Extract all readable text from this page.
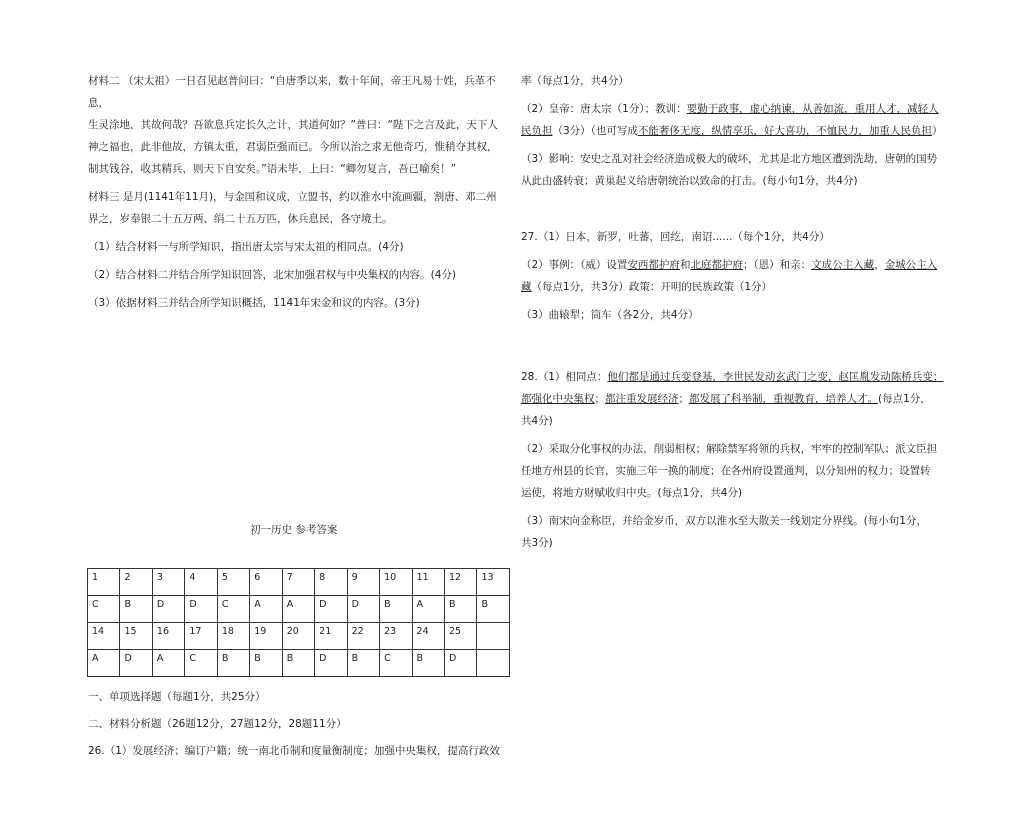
材料二 （宋太祖）一日召见赵普问曰：“自唐季以来，数十年间，帝王凡易十姓，兵革不息，

生灵涂地，其故何哉？吾欲息兵定长久之计，其道何如？”普曰：“陛下之言及此，天下人

神之福也，此非他故，方镇太重，君弱臣强而已。今所以治之求无他奇巧，惟稍夺其权，

制其钱谷，收其精兵，则天下自安矣。”语未毕，上曰：“卿勿复言，吾已喻矣！”

材料三 是月(1141年11月)，与金国和议成，立盟书，约以淮水中流画疆，割唐、邓二州

界之，岁奉银二十五万两、绢二十五万匹，休兵息民，各守境土。

（1）结合材料一与所学知识，指出唐太宗与宋太祖的相同点。(4分)

（2）结合材料二并结合所学知识回答，北宋加强君权与中央集权的内容。(4分)

（3）依据材料三并结合所学知识概括，1141年宋金和议的内容。(3分)

初一历史 参考答案
1	2	3	4	5	6	7	8	9	10	11	12	13
C	B	D	D	C	A	A	D	D	B	A	B	B
14	15	16	17	18	19	20	21	22	23	24	25	
A	D	A	C	B	B	B	D	B	C	B	D	

一、单项选择题（每题1分，共25分）

二、材料分析题（26题12分，27题12分，28题11分）

26.（1）发展经济；编订户籍；统一南北币制和度量衡制度；加强中央集权，提高行政效

率（每点1分，共4分）

（2）皇帝：唐太宗（1分）；教训：要勤于政事，虚心纳谏，从善如流，重用人才，减轻人
民负担（3分）（也可写成不能奢侈无度，纵情享乐，好大喜功，不恤民力，加重人民负担）

（3）影响：安史之乱对社会经济造成极大的破坏，尤其是北方地区遭到洗劫，唐朝的国势

从此由盛转衰；黄巢起义给唐朝统治以致命的打击。(每小句1分，共4分)

27.（1）日本，新罗，吐蕃，回纥，南诏......（每个1分，共4分）

（2）事例：（威）设置安西都护府和北庭都护府；（恩）和亲：文成公主入藏，金城公主入
藏（每点1分，共3分）政策：开明的民族政策（1分）

（3）曲辕犁；筒车（各2分，共4分）

28.（1）相同点：他们都是通过兵变登基，李世民发动玄武门之变，赵匡胤发动陈桥兵变；
都强化中央集权；都注重发展经济；都发展了科举制，重视教育，培养人才。(每点1分，
共4分)

（2）采取分化事权的办法，削弱相权；解除禁军将领的兵权，牢牢的控制军队；派文臣担

任地方州县的长官，实施三年一换的制度；在各州府设置通判，以分知州的权力；设置转

运使，将地方财赋收归中央。(每点1分，共4分)

（3）南宋向金称臣，并给金岁币，双方以淮水至大散关一线划定分界线。(每小句1分，

共3分)
